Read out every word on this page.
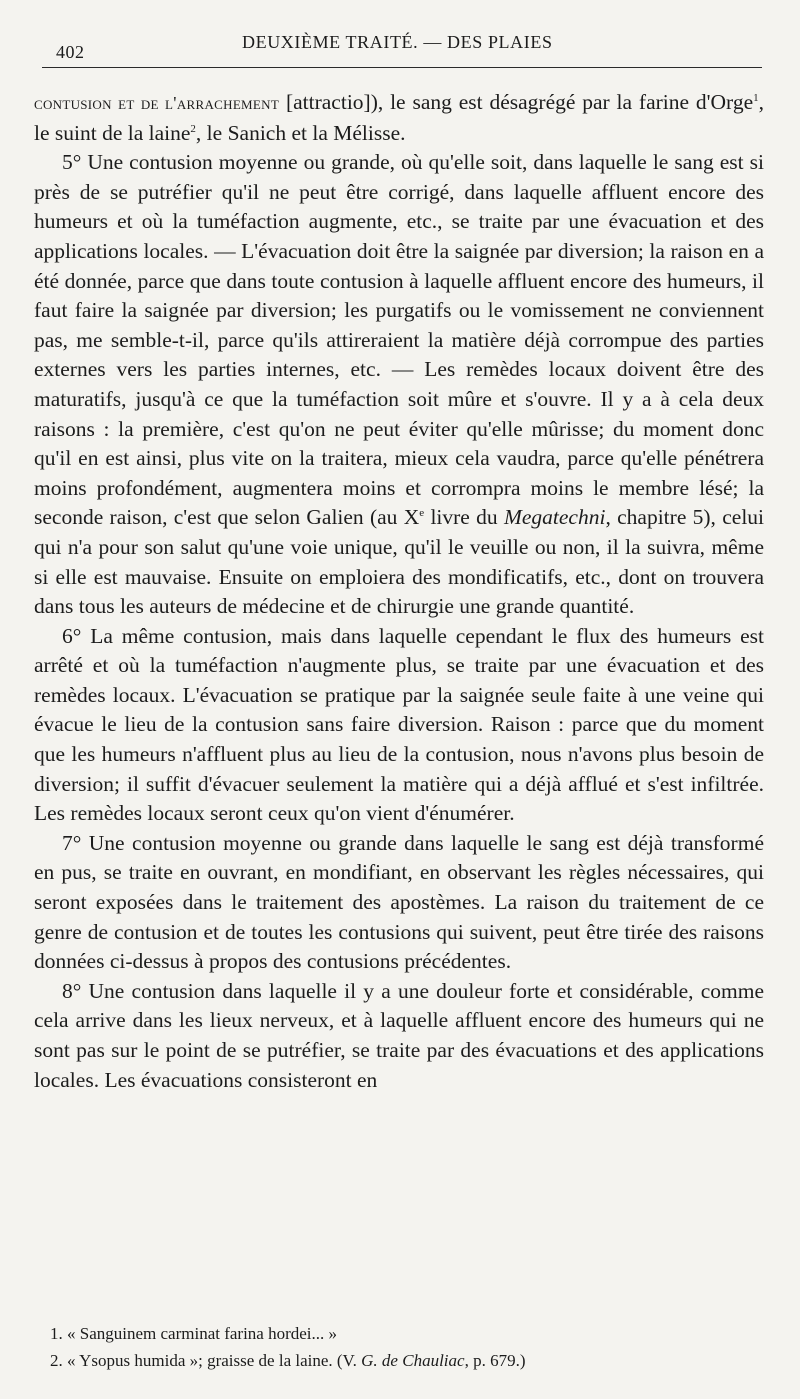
402	DEUXIÈME TRAITÉ. — DES PLAIES

contusion et de l'arrachement [attractio]), le sang est désagrégé par la farine d'Orge$^1$, le suint de la laine$^2$, le Sanich et la Mélisse.

5° Une contusion moyenne ou grande, où qu'elle soit, dans laquelle le sang est si près de se putréfier qu'il ne peut être corrigé, dans laquelle affluent encore des humeurs et où la tuméfaction augmente, etc., se traite par une évacuation et des applications locales. — L'évacuation doit être la saignée par diversion; la raison en a été donnée, parce que dans toute contusion à laquelle affluent encore des humeurs, il faut faire la saignée par diversion; les purgatifs ou le vomissement ne conviennent pas, me semble-t-il, parce qu'ils attireraient la matière déjà corrompue des parties externes vers les parties internes, etc. — Les remèdes locaux doivent être des maturatifs, jusqu'à ce que la tuméfaction soit mûre et s'ouvre. Il y a à cela deux raisons : la première, c'est qu'on ne peut éviter qu'elle mûrisse; du moment donc qu'il en est ainsi, plus vite on la traitera, mieux cela vaudra, parce qu'elle pénétrera moins profondément, augmentera moins et corrompra moins le membre lésé; la seconde raison, c'est que selon Galien (au Xe livre du Megatechni, chapitre 5), celui qui n'a pour son salut qu'une voie unique, qu'il le veuille ou non, il la suivra, même si elle est mauvaise. Ensuite on emploiera des mondificatifs, etc., dont on trouvera dans tous les auteurs de médecine et de chirurgie une grande quantité.

6° La même contusion, mais dans laquelle cependant le flux des humeurs est arrêté et où la tuméfaction n'augmente plus, se traite par une évacuation et des remèdes locaux. L'évacuation se pratique par la saignée seule faite à une veine qui évacue le lieu de la contusion sans faire diversion. Raison : parce que du moment que les humeurs n'affluent plus au lieu de la contusion, nous n'avons plus besoin de diversion; il suffit d'évacuer seulement la matière qui a déjà afflué et s'est infiltrée. Les remèdes locaux seront ceux qu'on vient d'énumérer.

7° Une contusion moyenne ou grande dans laquelle le sang est déjà transformé en pus, se traite en ouvrant, en mondifiant, en observant les règles nécessaires, qui seront exposées dans le traitement des apostèmes. La raison du traitement de ce genre de contusion et de toutes les contusions qui suivent, peut être tirée des raisons données ci-dessus à propos des contusions précédentes.

8° Une contusion dans laquelle il y a une douleur forte et considérable, comme cela arrive dans les lieux nerveux, et à laquelle affluent encore des humeurs qui ne sont pas sur le point de se putréfier, se traite par des évacuations et des applications locales. Les évacuations consisteront en

1. « Sanguinem carminat farina hordei... »
2. « Ysopus humida »; graisse de la laine. (V. G. de Chauliac, p. 679.)
